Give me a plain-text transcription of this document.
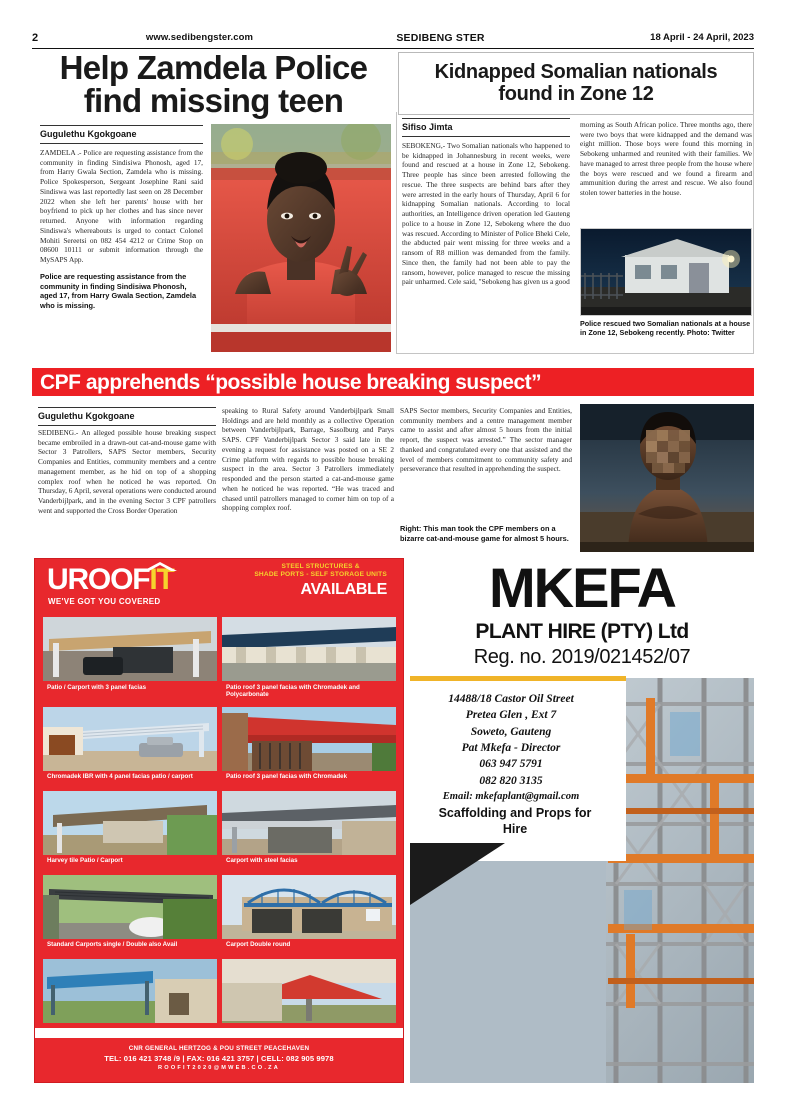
2	www.sedibengster.com	SEDIBENG STER	18 April - 24 April, 2023
Help Zamdela Police find missing teen
Gugulethu Kgokgoane
ZAMDELA .- Police are requesting assistance from the community in finding Sindisiwa Phonosh, aged 17, from Harry Gwala Section, Zamdela who is missing. Police Spokesperson, Sergeant Josephine Rani said Sindiswa was last reportedly last seen on 28 December 2022 when she left her parents' house with her boyfriend to pick up her clothes and has since never returned. Anyone with information regarding Sindiswa's whereabouts is urged to contact Colonel Mohiti Sereetsi on 082 454 4212 or Crime Stop on 08600 10111 or submit information through the MySAPS App.
Police are requesting assistance from the community in finding Sindisiwa Phonosh, aged 17, from Harry Gwala Section, Zamdela who is missing.
Kidnapped Somalian nationals found in Zone 12
Sifiso Jimta
SEBOKENG,- Two Somalian nationals who happened to be kidnapped in Johannesburg in recent weeks, were found and rescued at a house in Zone 12, Sebokeng. Three people has since been arrested following the rescue. The three suspects are behind bars after they were arrested in the early hours of Thursday, April 6 for kidnapping Somalian nationals. According to local authorities, an Intelligence driven operation led Gauteng police to a house in Zone 12, Sebokeng where the duo was rescued. According to Minister of Police Bheki Cele, the abducted pair went missing for three weeks and a ransom of R8 million was demanded from the family. Since then, the family had not been able to pay the ransom, however, police managed to rescue the missing pair unharmed. Cele said, "Sebokeng has given us a good
morning as South African police. Three months ago, there were two boys that were kidnapped and the demand was eight million. Those boys were found this morning in Sebokeng unharmed and reunited with their families. We have managed to arrest three people from the house where the boys were rescued and we found a firearm and ammunition during the arrest and rescue. We also found stolen tower batteries in the house.
Police rescued two Somalian nationals at a house in Zone 12, Sebokeng recently. Photo: Twitter
CPF apprehends “possible house breaking suspect”
Gugulethu Kgokgoane
SEDIBENG.- An alleged possible house breaking suspect became embroiled in a drawn-out cat-and-mouse game with Sector 3 Patrollers, SAPS Sector members, Security Companies and Entities, community members and a centre management member, as he hid on top of a shopping complex roof when he noticed he was reported. On Thursday, 6 April, several operations were conducted around Vanderbijlpark, and in the evening Sector 3 CPF patrollers went and supported the Cross Border Operation
speaking to Rural Safety around Vanderbijlpark Small Holdings and are held monthly as a collective Operation between Vanderbijlpark, Barrage, Sasolburg and Parys SAPS. CPF Vanderbijlpark Sector 3 said late in the evening a request for assistance was posted on a SE 2 Crime platform with regards to possible house breaking suspect in the area. Sector 3 Patrollers immediately responded and the person started a cat-and-mouse game when he noticed he was reported. “He was traced and chased until patrollers managed to corner him on top of a shopping complex roof.
SAPS Sector members, Security Companies and Entities, community members and a centre management member came to assist and after almost 5 hours from the initial report, the suspect was arrested.” The sector manager thanked and congratulated every one that assisted and the level of members commitment to community safety and perseverance that resulted in apprehending the suspect.
Right: This man took the CPF members on a bizarre cat-and-mouse game for almost 5 hours.
UROOFIT
WE'VE GOT YOU COVERED
STEEL STRUCTURES &
SHADE PORTS - SELF STORAGE UNITS
AVAILABLE
Patio / Carport with 3 panel facias	Patio roof 3 panel facias with Chromadek and Polycarbonate
Chromadek IBR with 4 panel facias patio / carport	Patio roof 3 panel facias with Chromadek
Harvey tile Patio / Carport	Carport with steel facias
Standard Carports single / Double also Avail	Carport Double round
CNR GENERAL HERTZOG & POU STREET PEACEHAVEN
TEL: 016 421 3748 /9 | FAX: 016 421 3757 | CELL: 082 905 9978
ROOFIT2020@MWEB.CO.ZA
MKEFA
PLANT HIRE (PTY) Ltd
Reg. no. 2019/021452/07
14488/18 Castor Oil Street
Pretea Glen , Ext 7
Soweto, Gauteng
Pat Mkefa - Director
063 947 5791
082 820 3135
Email: mkefaplant@gmail.com
Scaffolding and Props for Hire
